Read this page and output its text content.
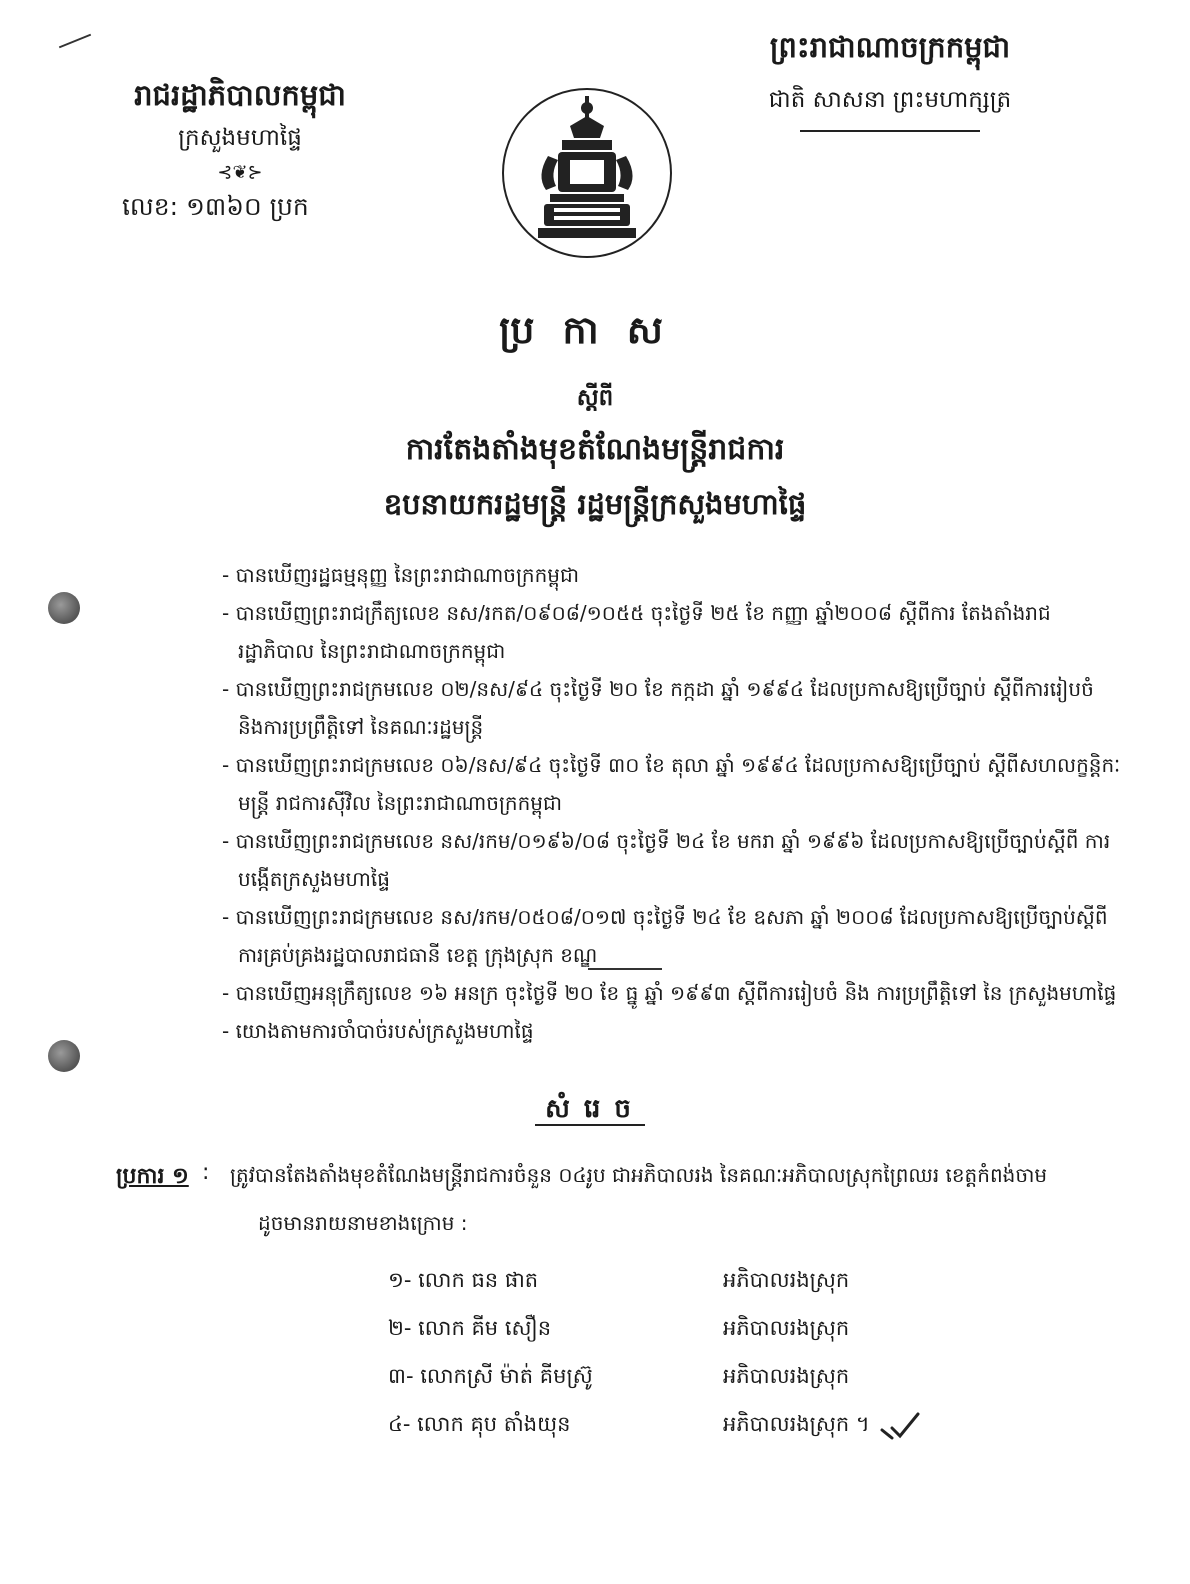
ព្រះរាជាណាចក្រកម្ពុជា
ជាតិ សាសនា ព្រះមហាក្សត្រ
រាជរដ្ឋាភិបាលកម្ពុជា
ក្រសួងមហាផ្ទៃ
⊰❦⊱
លេខ: ១៣៦០ ប្រក
ប្រកាស
ស្តីពី
ការតែងតាំងមុខតំណែងមន្ត្រីរាជការ
ឧបនាយករដ្ឋមន្ត្រី រដ្ឋមន្ត្រីក្រសួងមហាផ្ទៃ
- បានឃើញរដ្ឋធម្មនុញ្ញ នៃព្រះរាជាណាចក្រកម្ពុជា
- បានឃើញព្រះរាជក្រឹត្យលេខ នស/រកត/០៩០៨/១០៥៥ ចុះថ្ងៃទី ២៥ ខែ កញ្ញា ឆ្នាំ២០០៨ ស្តីពីការ តែងតាំងរាជរដ្ឋាភិបាល នៃព្រះរាជាណាចក្រកម្ពុជា
- បានឃើញព្រះរាជក្រមលេខ ០២/នស/៩៤ ចុះថ្ងៃទី ២០ ខែ កក្កដា ឆ្នាំ ១៩៩៤ ដែលប្រកាសឱ្យប្រើច្បាប់ ស្តីពីការរៀបចំ និងការប្រព្រឹត្តិទៅ នៃគណៈរដ្ឋមន្ត្រី
- បានឃើញព្រះរាជក្រមលេខ ០៦/នស/៩៤ ចុះថ្ងៃទី ៣០ ខែ តុលា ឆ្នាំ ១៩៩៤ ដែលប្រកាសឱ្យប្រើច្បាប់ ស្តីពីសហលក្ខន្តិកៈ មន្ត្រី រាជការស៊ីវិល នៃព្រះរាជាណាចក្រកម្ពុជា
- បានឃើញព្រះរាជក្រមលេខ នស/រកម/០១៩៦/០៨ ចុះថ្ងៃទី ២៤ ខែ មករា ឆ្នាំ ១៩៩៦ ដែលប្រកាសឱ្យប្រើច្បាប់ស្តីពី ការបង្កើតក្រសួងមហាផ្ទៃ
- បានឃើញព្រះរាជក្រមលេខ នស/រកម/០៥០៨/០១៧ ចុះថ្ងៃទី ២៤ ខែ ឧសភា ឆ្នាំ ២០០៨ ដែលប្រកាសឱ្យប្រើច្បាប់ស្តីពី ការគ្រប់គ្រងរដ្ឋបាលរាជធានី ខេត្ត ក្រុងស្រុក ខណ្ឌ
- បានឃើញអនុក្រឹត្យលេខ ១៦ អនក្រ ចុះថ្ងៃទី ២០ ខែ ធ្នូ ឆ្នាំ ១៩៩៣ ស្តីពីការរៀបចំ និង ការប្រព្រឹត្តិទៅ នៃ ក្រសួងមហាផ្ទៃ
- យោងតាមការចាំបាច់របស់ក្រសួងមហាផ្ទៃ
សំរេច
ប្រការ ១ : ត្រូវបានតែងតាំងមុខតំណែងមន្ត្រីរាជការចំនួន ០៤រូប ជាអភិបាលរង នៃគណៈអភិបាលស្រុកព្រៃឈរ ខេត្តកំពង់ចាម
ដូចមានរាយនាមខាងក្រោម :
១- លោក ធន ផាត	អភិបាលរងស្រុក
២- លោក គីម សឿន	អភិបាលរងស្រុក
៣- លោកស្រី ម៉ាត់ គីមស្រ៊ូ	អភិបាលរងស្រុក
៤- លោក គុប តាំងយុន	អភិបាលរងស្រុក ។
